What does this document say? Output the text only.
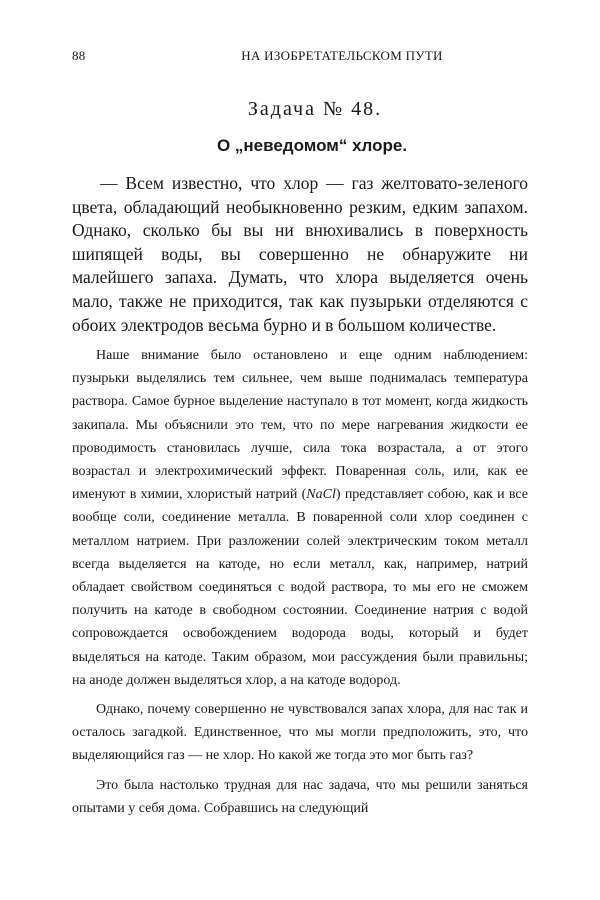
88	НА ИЗОБРЕТАТЕЛЬСКОМ ПУТИ
Задача № 48.
О „неведомом“ хлоре.

— Всем известно, что хлор — газ желтовато-зеленого цвета, обладающий необыкновенно резким, едким запахом. Однако, сколько бы вы ни внюхивались в поверхность шипящей воды, вы совершенно не обнаружите ни малейшего запаха. Думать, что хлора выделяется очень мало, также не приходится, так как пузырьки отделяются с обоих электродов весьма бурно и в большом количестве.

Наше внимание было остановлено и еще одним наблюдением: пузырьки выделялись тем сильнее, чем выше поднималась температура раствора. Самое бурное выделение наступало в тот момент, когда жидкость закипала. Мы объяснили это тем, что по мере нагревания жидкости ее проводимость становилась лучше, сила тока возрастала, а от этого возрастал и электрохимический эффект. Поваренная соль, или, как ее именуют в химии, хлористый натрий (NaCl) представляет собою, как и все вообще соли, соединение металла. В поваренной соли хлор соединен с металлом натрием. При разложении солей электрическим током металл всегда выделяется на катоде, но если металл, как, например, натрий обладает свойством соединяться с водой раствора, то мы его не сможем получить на катоде в свободном состоянии. Соединение натрия с водой сопровождается освобождением водорода воды, который и будет выделяться на катоде. Таким образом, мои рассуждения были правильны; на аноде должен выделяться хлор, а на катоде водород.

Однако, почему совершенно не чувствовался запах хлора, для нас так и осталось загадкой. Единственное, что мы могли предположить, это, что выделяющийся газ — не хлор. Но какой же тогда это мог быть газ?

Это была настолько трудная для нас задача, что мы решили заняться опытами у себя дома. Собравшись на следующий
